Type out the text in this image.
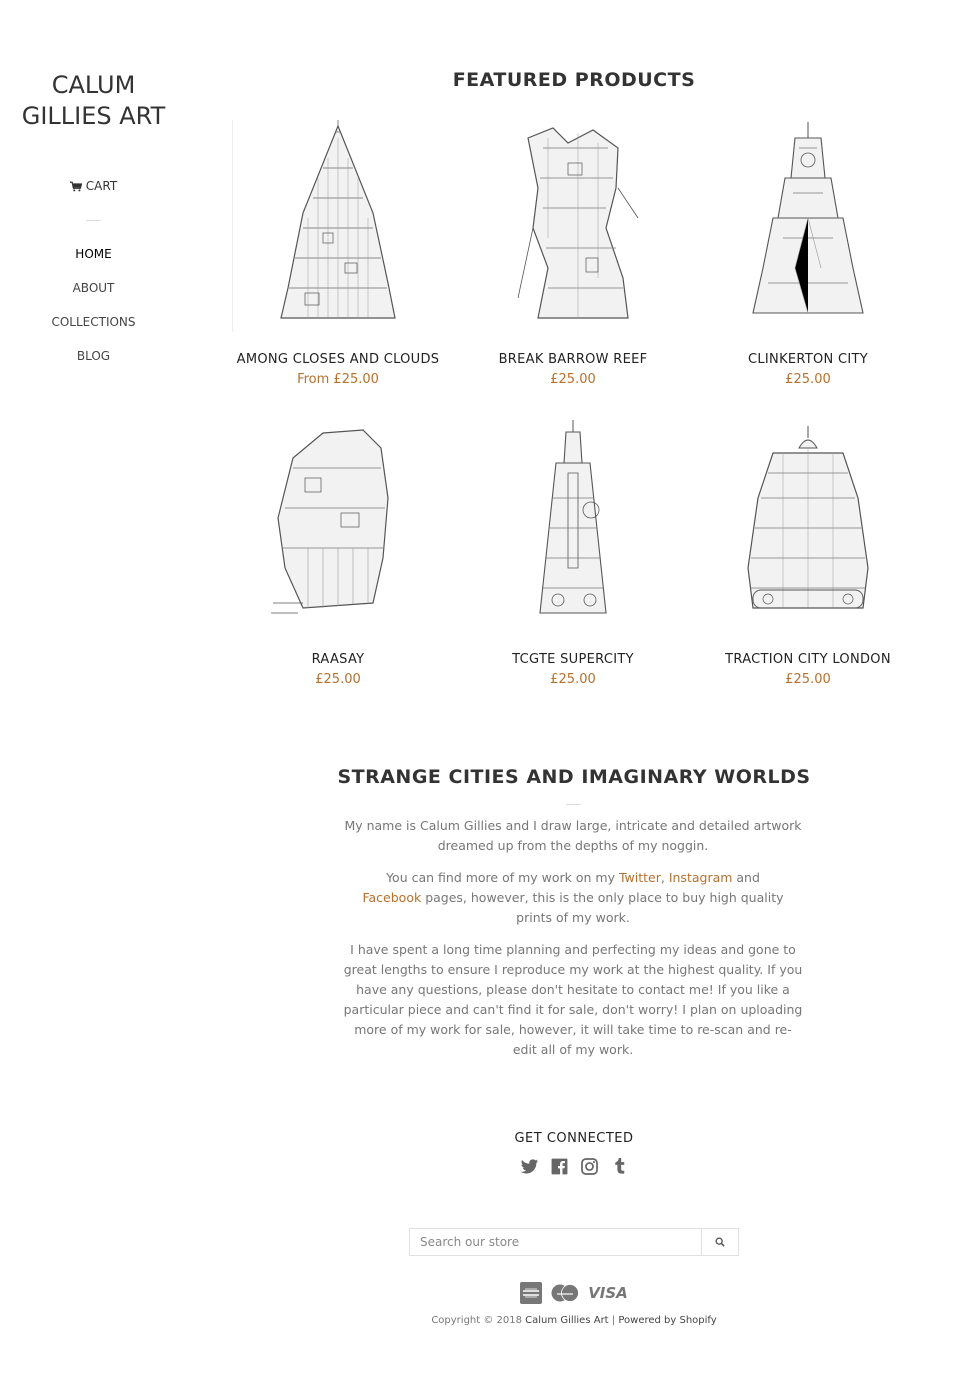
CALUM
GILLIES ART
CART
HOME
ABOUT
COLLECTIONS
BLOG
FEATURED PRODUCTS
AMONG CLOSES AND CLOUDS
From £25.00
BREAK BARROW REEF
£25.00
CLINKERTON CITY
£25.00
RAASAY
£25.00
TCGTE SUPERCITY
£25.00
TRACTION CITY LONDON
£25.00
STRANGE CITIES AND IMAGINARY WORLDS

My name is Calum Gillies and I draw large, intricate and detailed artwork dreamed up from the depths of my noggin.

You can find more of my work on my Twitter, Instagram and
Facebook pages, however, this is the only place to buy high quality prints of my work.

I have spent a long time planning and perfecting my ideas and gone to great lengths to ensure I reproduce my work at the highest quality. If you have any questions, please don't hesitate to contact me! If you like a particular piece and can't find it for sale, don't worry! I plan on uploading more of my work for sale, however, it will take time to re-scan and re-edit all of my work.

GET CONNECTED
Search our store
VISA
Copyright © 2018 Calum Gillies Art | Powered by Shopify
